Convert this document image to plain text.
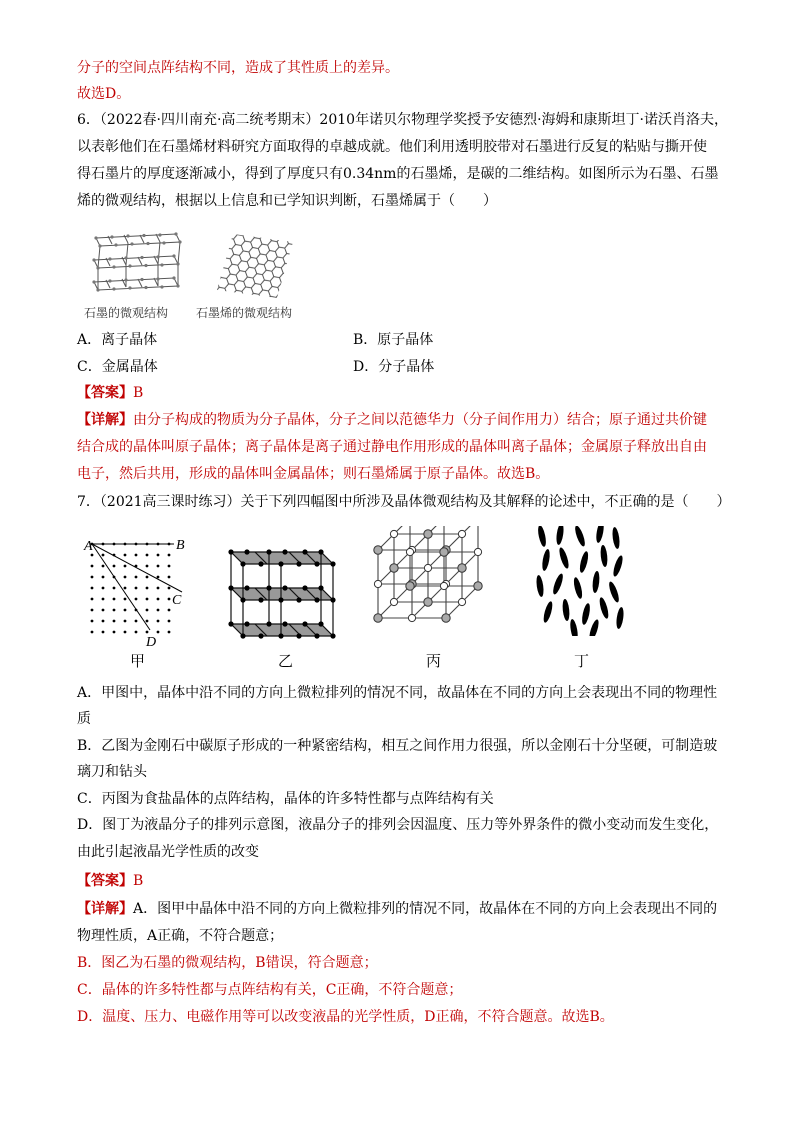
分子的空间点阵结构不同，造成了其性质上的差异。
故选D。
6．（2022春·四川南充·高二统考期末）2010年诺贝尔物理学奖授予安德烈·海姆和康斯坦丁·诺沃肖洛夫，
以表彰他们在石墨烯材料研究方面取得的卓越成就。他们利用透明胶带对石墨进行反复的粘贴与撕开使
得石墨片的厚度逐渐减小，得到了厚度只有0.34nm的石墨烯，是碳的二维结构。如图所示为石墨、石墨
烯的微观结构，根据以上信息和已学知识判断，石墨烯属于（　　）
石墨的微观结构 石墨烯的微观结构
A．离子晶体	B．原子晶体
C．金属晶体	D．分子晶体
【答案】B
【详解】由分子构成的物质为分子晶体，分子之间以范德华力（分子间作用力）结合；原子通过共价键
结合成的晶体叫原子晶体；离子晶体是离子通过静电作用形成的晶体叫离子晶体；金属原子释放出自由
电子，然后共用，形成的晶体叫金属晶体；则石墨烯属于原子晶体。故选B。
7．（2021高三课时练习）关于下列四幅图中所涉及晶体微观结构及其解释的论述中，不正确的是（　　）
A	B
C
D
甲	乙	丙	丁
A．甲图中，晶体中沿不同的方向上微粒排列的情况不同，故晶体在不同的方向上会表现出不同的物理性
质
B．乙图为金刚石中碳原子形成的一种紧密结构，相互之间作用力很强，所以金刚石十分坚硬，可制造玻
璃刀和钻头
C．丙图为食盐晶体的点阵结构，晶体的许多特性都与点阵结构有关
D．图丁为液晶分子的排列示意图，液晶分子的排列会因温度、压力等外界条件的微小变动而发生变化，
由此引起液晶光学性质的改变
【答案】B
【详解】A．图甲中晶体中沿不同的方向上微粒排列的情况不同，故晶体在不同的方向上会表现出不同的
物理性质，A正确，不符合题意；
B．图乙为石墨的微观结构，B错误，符合题意；
C．晶体的许多特性都与点阵结构有关，C正确，不符合题意；
D．温度、压力、电磁作用等可以改变液晶的光学性质，D正确，不符合题意。故选B。
